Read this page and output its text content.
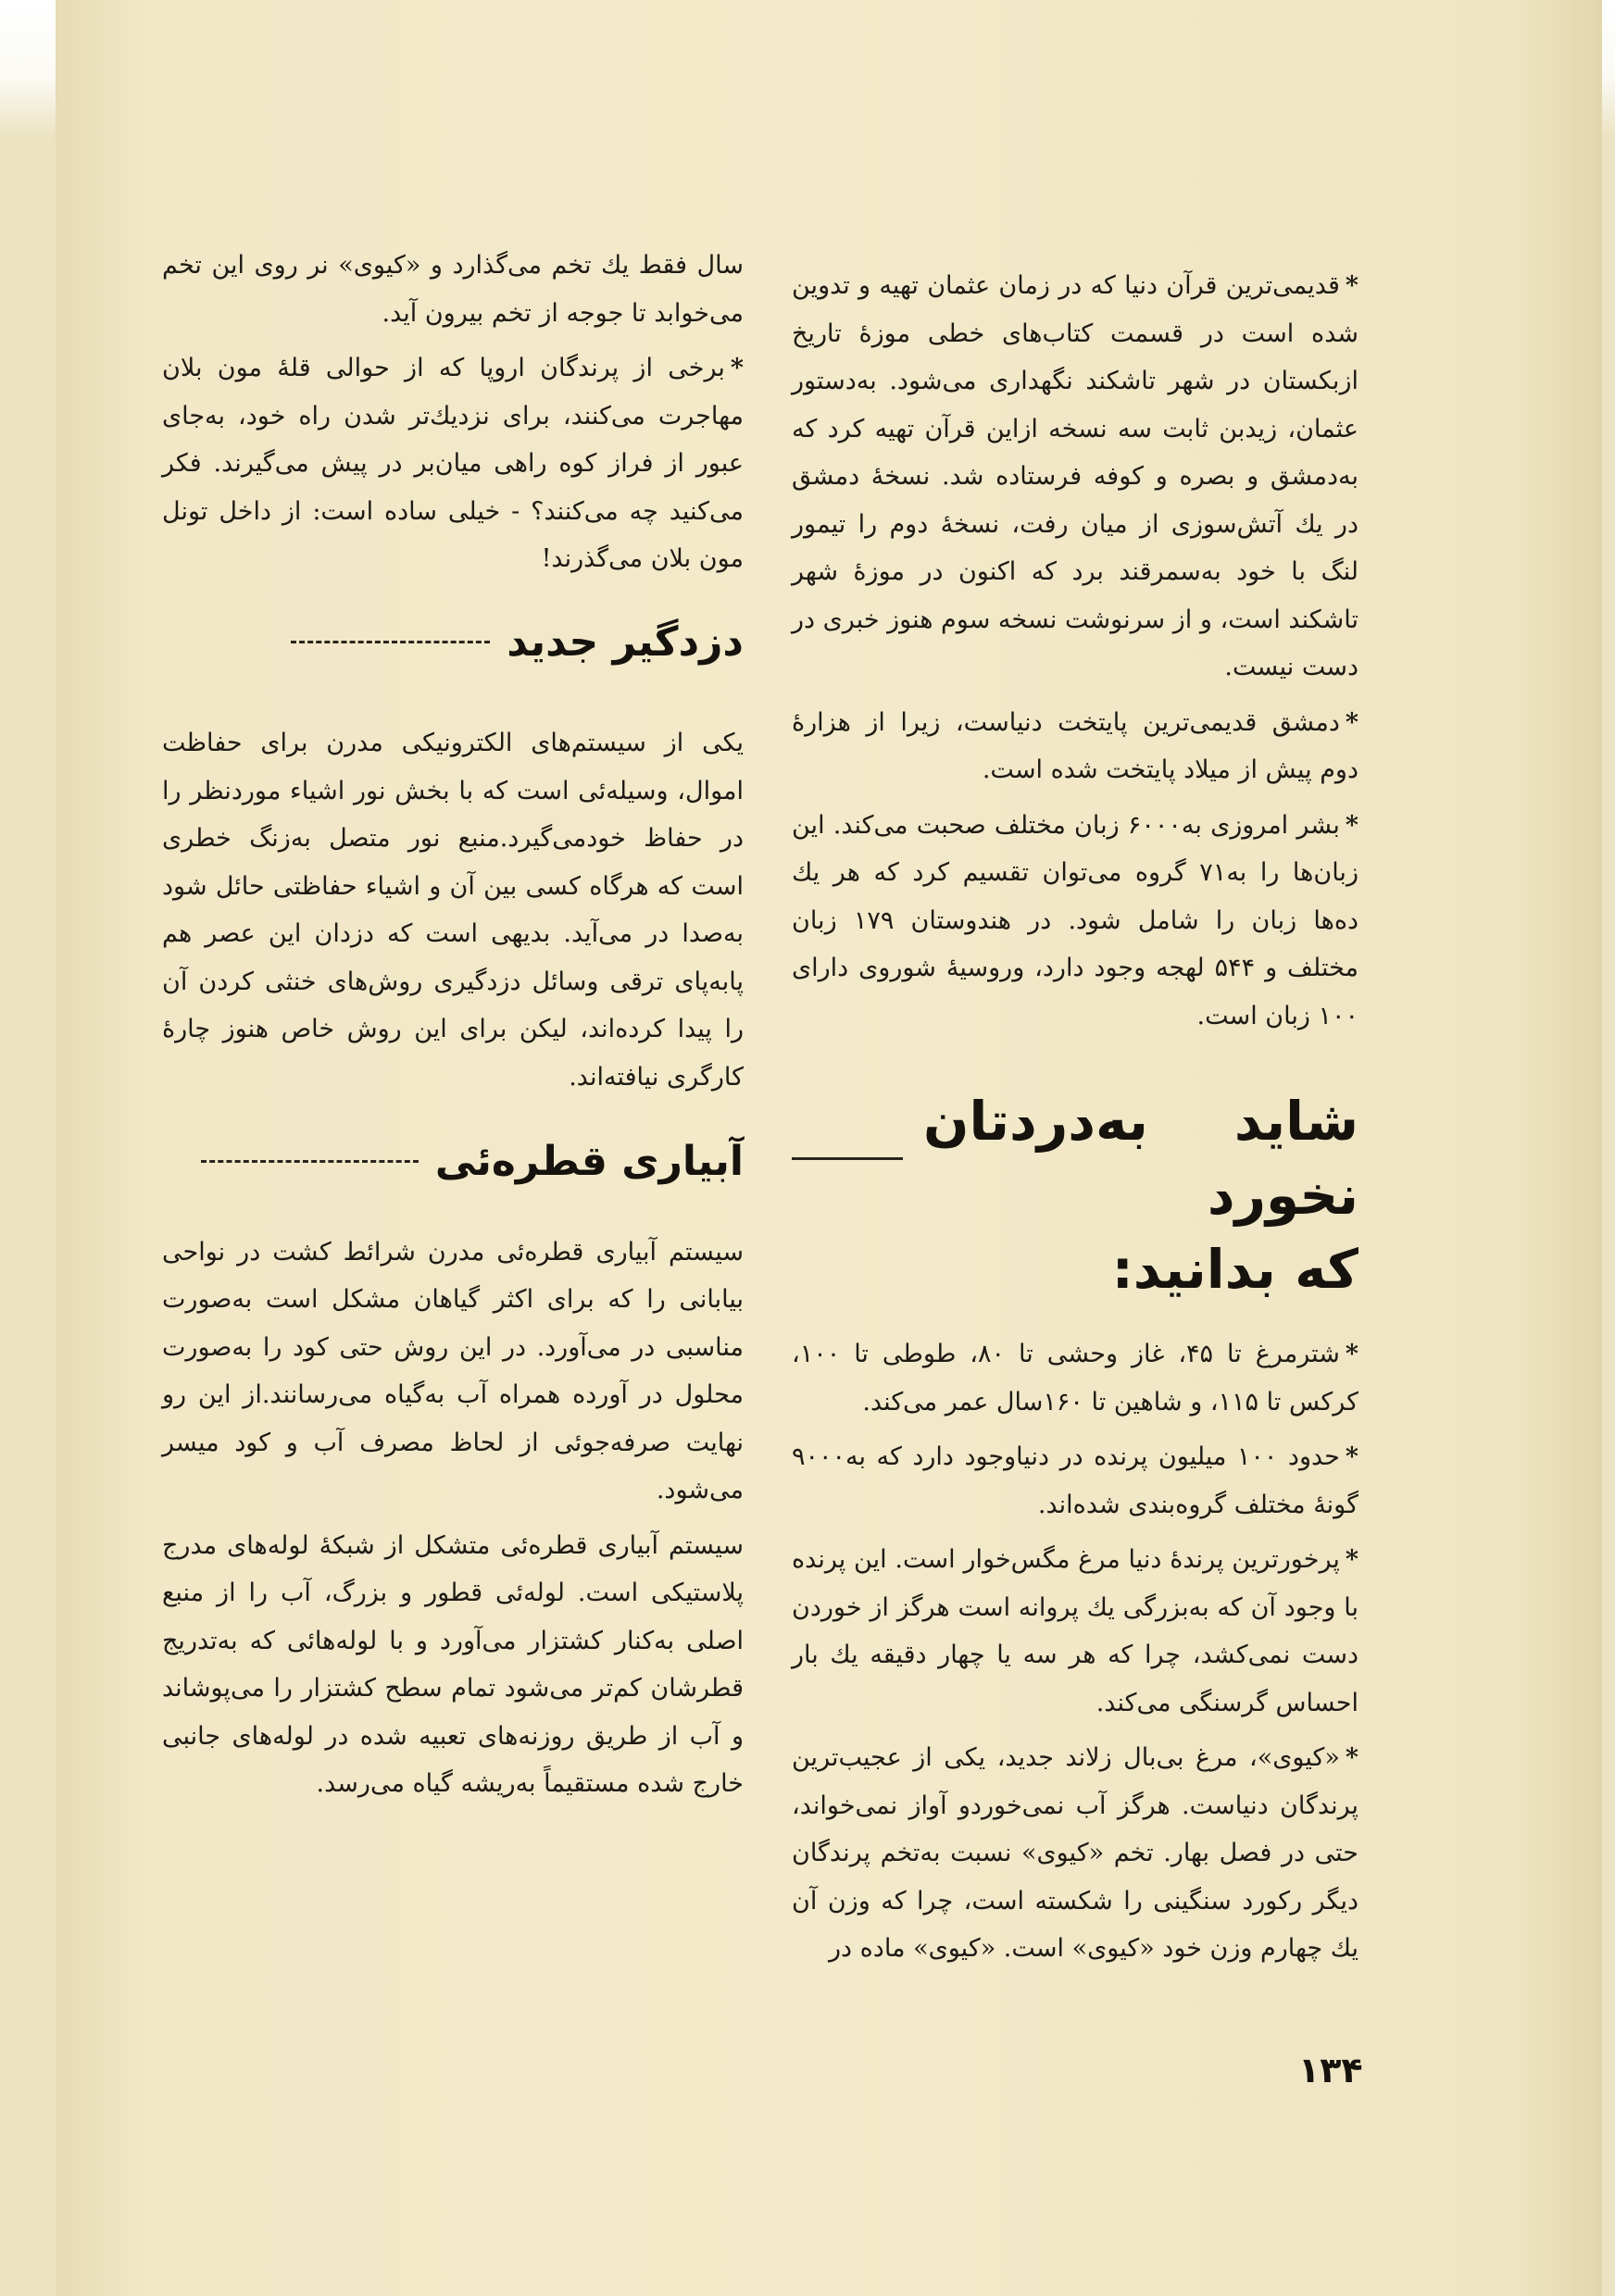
*قدیمی‌ترین قرآن دنیا که در زمان عثمان تهیه و تدوین شده است در قسمت کتاب‌های خطی موزهٔ تاریخ ازبکستان در شهر تاشکند نگهداری می‌شود. به‌دستور عثمان، زیدبن ثابت سه نسخه ازاین قرآن تهیه کرد که به‌دمشق و بصره و کوفه فرستاده شد. نسخهٔ دمشق در یك آتش‌سوزی از میان رفت، نسخهٔ دوم را تیمور لنگ با خود به‌سمرقند برد که اکنون در موزهٔ شهر تاشکند است، و از سرنوشت نسخه سوم هنوز خبری در دست نیست.

*دمشق قدیمی‌ترین پایتخت دنیاست، زیرا از هزارهٔ دوم پیش از میلاد پایتخت شده است.

*بشر امروزی به‌۶۰۰۰ زبان مختلف صحبت می‌کند. این زبان‌ها را به‌۷۱ گروه می‌توان تقسیم کرد که هر یك ده‌ها زبان را شامل شود. در هندوستان ۱۷۹ زبان مختلف و ۵۴۴ لهجه وجود دارد، وروسیهٔ شوروی دارای ۱۰۰ زبان است.

شاید به‌دردتان نخورد
که بدانید:

*شترمرغ تا ۴۵، غاز وحشی تا ۸۰، طوطی تا ۱۰۰، کرکس تا ۱۱۵، و شاهین تا ۱۶۰سال عمر می‌کند.

*حدود ۱۰۰ میلیون پرنده در دنیاوجود دارد که به‌۹۰۰۰ گونهٔ مختلف گروه‌بندی شده‌اند.

*پرخورترین پرندهٔ دنیا مرغ مگس‌خوار است. این پرنده با وجود آن که به‌بزرگی یك پروانه است هرگز از خوردن دست نمی‌کشد، چرا که هر سه یا چهار دقیقه یك بار احساس گرسنگی می‌کند.

*«کیوی»، مرغ بی‌بال زلاند جدید، یکی از عجیب‌ترین پرندگان دنیاست. هرگز آب نمی‌خوردو آواز نمی‌خواند، حتی در فصل بهار. تخم «کیوی» نسبت به‌تخم پرندگان دیگر رکورد سنگینی را شکسته است، چرا که وزن آن یك چهارم وزن خود «کیوی» است. «کیوی» ماده در

سال فقط یك تخم می‌گذارد و «کیوی» نر روی این تخم می‌خوابد تا جوجه از تخم بیرون آید.

*برخی از پرندگان اروپا که از حوالی قلهٔ مون بلان مهاجرت می‌کنند، برای نزدیك‌تر شدن راه خود، به‌جای عبور از فراز کوه راهی میان‌بر در پیش می‌گیرند. فکر می‌کنید چه می‌کنند؟ - خیلی ساده است: از داخل تونل مون بلان می‌گذرند!

دزدگیر جدید

یکی از سیستم‌های الکترونیکی مدرن برای حفاظت اموال، وسیله‌ئی است که با بخش نور اشیاء موردنظر را در حفاظ خودمی‌گیرد.منبع نور متصل به‌زنگ خطری است که هرگاه کسی بین آن و اشیاء حفاظتی حائل شود به‌صدا در می‌آید. بدیهی است که دزدان این عصر هم پابه‌پای ترقی وسائل دزدگیری روش‌های خنثی کردن آن را پیدا کرده‌اند، لیکن برای این روش خاص هنوز چارهٔ کارگری نیافته‌اند.

آبیاری قطره‌ئی

سیستم آبیاری قطره‌ئی مدرن شرائط کشت در نواحی بیابانی را که برای اکثر گیاهان مشکل است به‌صورت مناسبی در می‌آورد. در این روش حتی کود را به‌صورت محلول در آورده همراه آب به‌گیاه می‌رسانند.از این رو نهایت صرفه‌جوئی از لحاظ مصرف آب و کود میسر می‌شود.

سیستم آبیاری قطره‌ئی متشکل از شبکهٔ لوله‌های مدرج پلاستیکی است. لوله‌ئی قطور و بزرگ، آب را از منبع اصلی به‌کنار کشتزار می‌آورد و با لوله‌هائی که به‌تدریج قطرشان کم‌تر می‌شود تمام سطح کشتزار را می‌پوشاند و آب از طریق روزنه‌های تعبیه شده در لوله‌های جانبی خارج شده مستقیماً به‌ریشه گیاه می‌رسد.

۱۳۴
